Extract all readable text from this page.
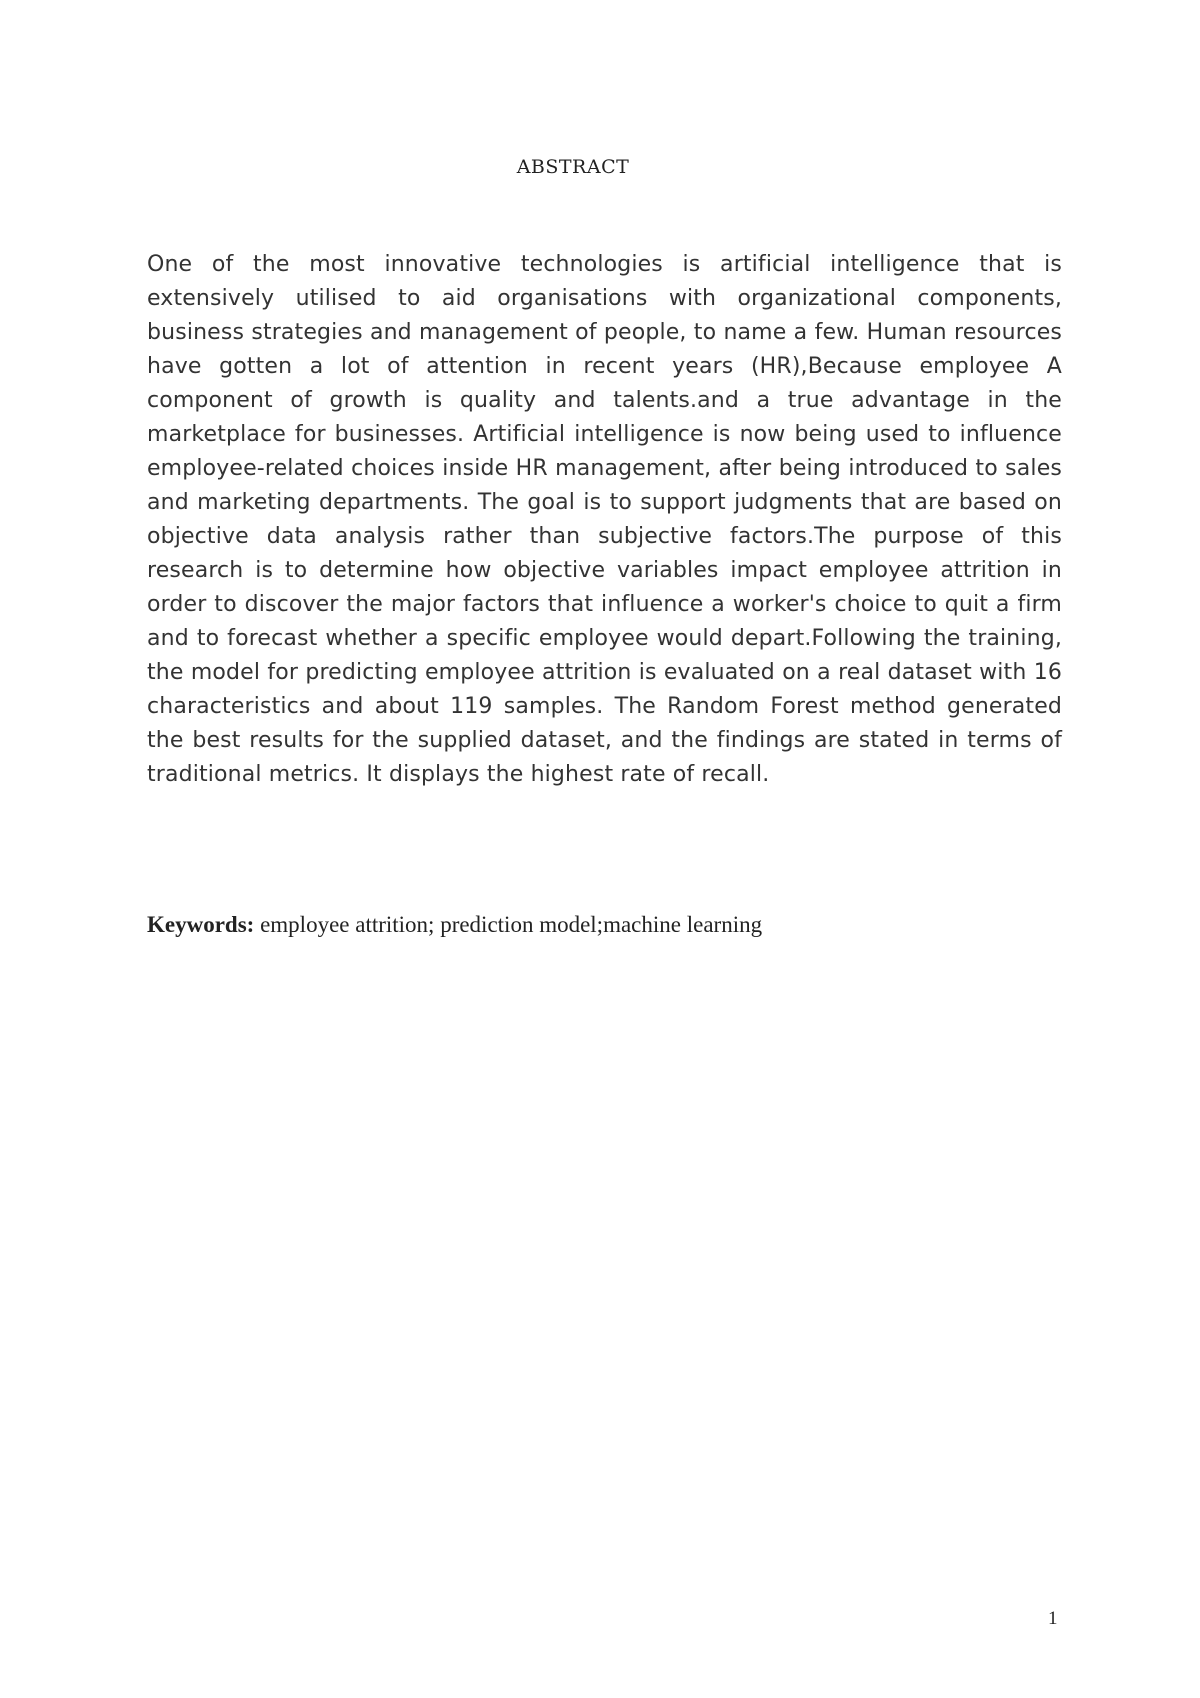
ABSTRACT

One of the most innovative technologies is artificial intelligence that is extensively utilised to aid organisations with organizational components, business strategies and management of people, to name a few. Human resources have gotten a lot of attention in recent years (HR),Because employee A component of growth is quality and talents.and a true advantage in the marketplace for businesses. Artificial intelligence is now being used to influence employee-related choices inside HR management, after being introduced to sales and marketing departments. The goal is to support judgments that are based on objective data analysis rather than subjective factors.The purpose of this research is to determine how objective variables impact employee attrition in order to discover the major factors that influence a worker's choice to quit a firm and to forecast whether a specific employee would depart.Following the training, the model for predicting employee attrition is evaluated on a real dataset with 16 characteristics and about 119 samples. The Random Forest method generated the best results for the supplied dataset, and the findings are stated in terms of traditional metrics. It displays the highest rate of recall.

Keywords: employee attrition; prediction model;machine learning

1
